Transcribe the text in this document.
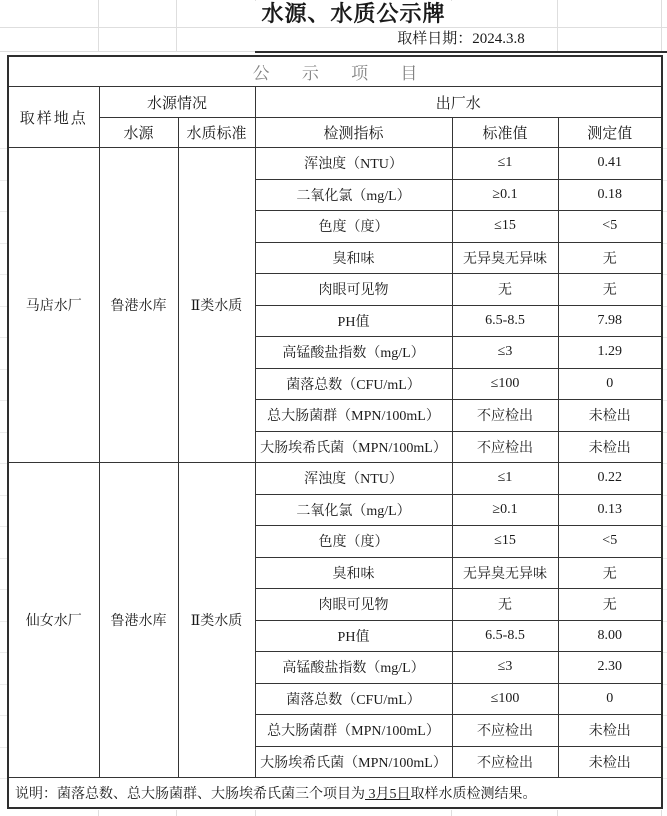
水源、水质公示牌
取样日期：2024.3.8
公 示 项 目					
取样地点	水源情况		出厂水		
	水源	水质标准	检测指标	标准值	测定值
马店水厂	鲁港水库	Ⅱ类水质	浑浊度（NTU）	≤1	0.41
			二氧化氯（mg/L）	≥0.1	0.18
			色度（度）	≤15	<5
			臭和味	无异臭无异味	无
			肉眼可见物	无	无
			PH值	6.5-8.5	7.98
			高锰酸盐指数（mg/L）	≤3	1.29
			菌落总数（CFU/mL）	≤100	0
			总大肠菌群（MPN/100mL）	不应检出	未检出
			大肠埃希氏菌（MPN/100mL）	不应检出	未检出
仙女水厂	鲁港水库	Ⅱ类水质	浑浊度（NTU）	≤1	0.22
			二氧化氯（mg/L）	≥0.1	0.13
			色度（度）	≤15	<5
			臭和味	无异臭无异味	无
			肉眼可见物	无	无
			PH值	6.5-8.5	8.00
			高锰酸盐指数（mg/L）	≤3	2.30
			菌落总数（CFU/mL）	≤100	0
			总大肠菌群（MPN/100mL）	不应检出	未检出
			大肠埃希氏菌（MPN/100mL）	不应检出	未检出
说明：菌落总数、总大肠菌群、大肠埃希氏菌三个项目为 3月5日取样水质检测结果。					
